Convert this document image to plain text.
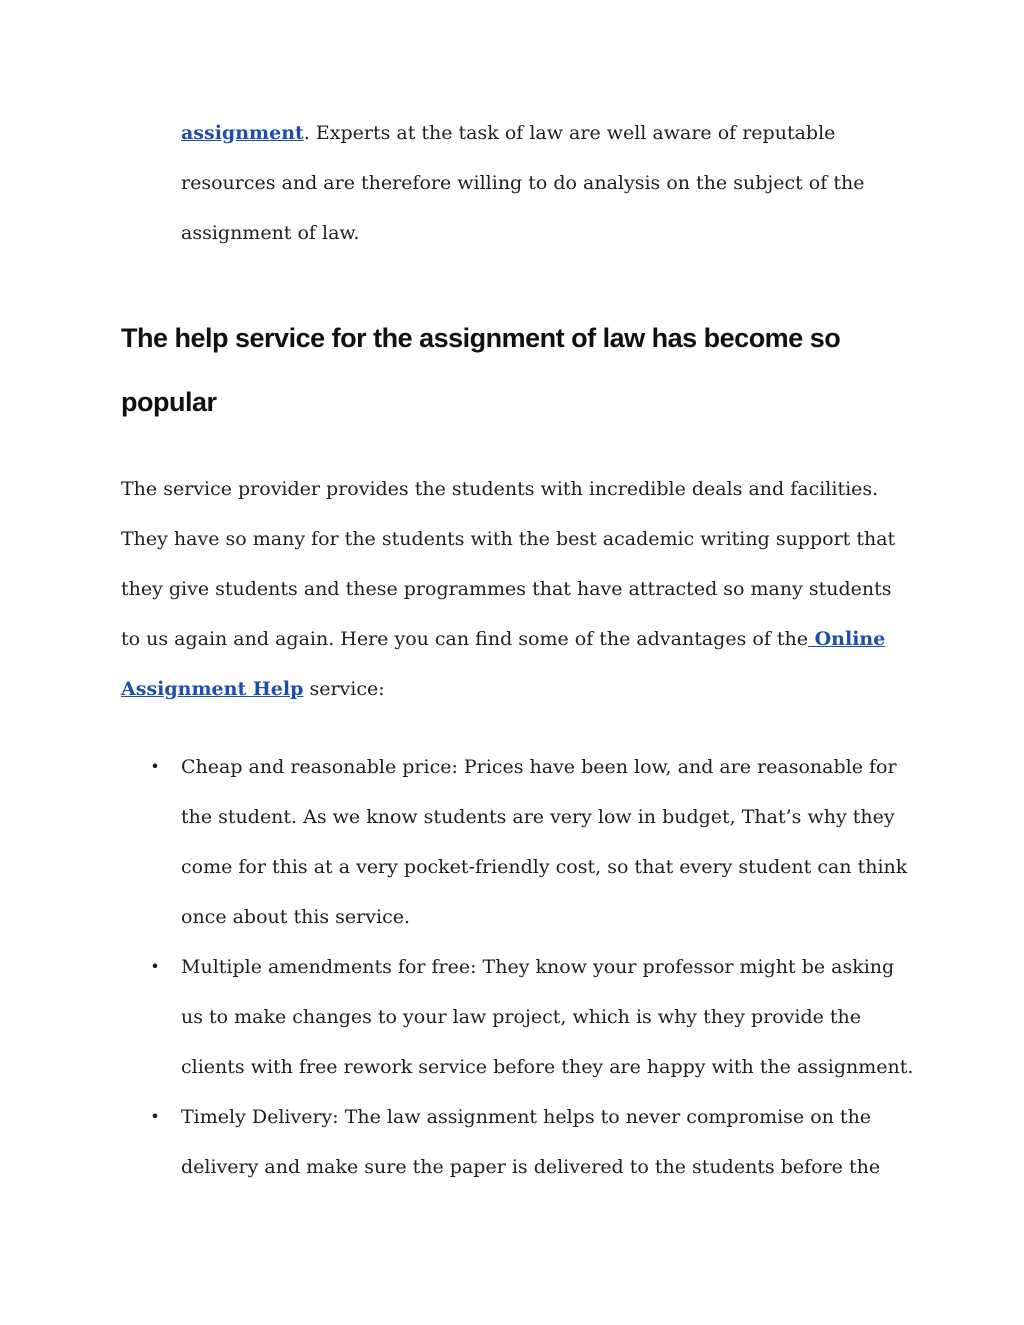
assignment. Experts at the task of law are well aware of reputable resources and are therefore willing to do analysis on the subject of the assignment of law.

The help service for the assignment of law has become so popular

The service provider provides the students with incredible deals and facilities. They have so many for the students with the best academic writing support that they give students and these programmes that have attracted so many students to us again and again. Here you can find some of the advantages of the Online Assignment Help service:

• Cheap and reasonable price: Prices have been low, and are reasonable for the student. As we know students are very low in budget, That’s why they come for this at a very pocket-friendly cost, so that every student can think once about this service.
• Multiple amendments for free: They know your professor might be asking us to make changes to your law project, which is why they provide the clients with free rework service before they are happy with the assignment.
• Timely Delivery: The law assignment helps to never compromise on the delivery and make sure the paper is delivered to the students before the
